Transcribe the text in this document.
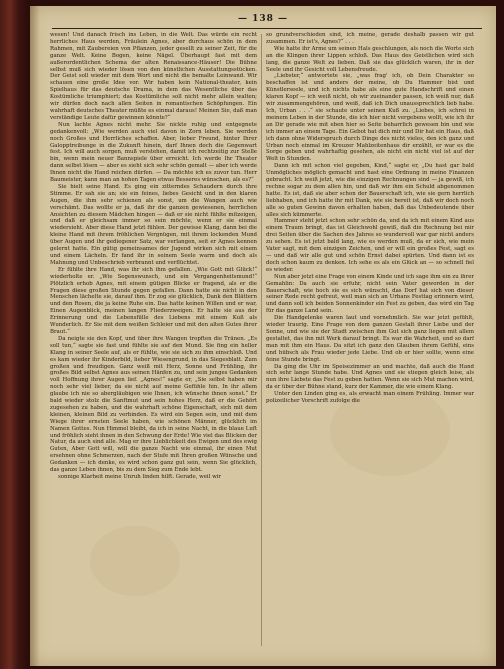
— 138 —

wesen! Und danach frisch ins Leben, in die Welt. Das würde ein recht herrliches Haus werden, Fräulein Agnes, aber durchaus schön in dem Rahmen, mit Zaubereien von Pflanzen, jeder gesellt zu seiner Zeit, für die ganze Welt. Keine Bogen, keine Nägel. Überhaupt fast mit dem außerordentlichen Schema der alten Renaissance-Häuser! Die Bühne selbst muß sich wieder lösen von den künstlichen Ausstattungsstücken. Der Geist soll wieder mit dem Wort und nicht die bemalte Leinwand. Wir schauen eine große Idee vor. Wir haben kein National-theater, kein Spielhaus für das deutsche Drama, in dem das Wesentliche über das Kostümliche triumphiert; das Kostümliche soll nicht mehr allein walten; wir dürfen doch nach allen Seiten in romantischen Schöpfungen. Ein wahrhaft deutsches Theater müßte es einmal daraus! Meinen Sie, daß man verständige Leute dafür gewinnen könnte?“

Nun lachte Agnes nicht mehr. Sie nickte ruhig und entgegnete gedankenvoll: „Wie werden auch viel davon in Zorn leben. Sie werden noch Großes und Herrliches schaffen. Aber, lieber Freund, hinter Ihrer Galopptreibunge in die Zukunft hinein, darf Ihnen doch die Gegenwart fest. Ich will auch sorgen, muß verstehen, damit ich rechtzeitig zur Stelle bin, wenn mein neuer Bannspiele über erreicht. Ich werde Ihr Theater dann selbst lösen — aber es sieht sich sehr schön gemalt — aber ich werde Ihnen nicht die Hand reichen dürfen. — Da möchte ich es zuvor tun. Herr Baumeister, kann man an hohen Tagen etwas Besseres wünschen, als es?“

Sie hielt seine Hand. Es ging ein zitterndes Schaudern durch ihre Stimme. Er sah sie an; sie ein feines, liebes Gesicht und in den klaren Augen, die ihm sehr schienen als sonst, um die Wangen auch wie verschämt. Das wollte er ja, daß ihr die ganzen gewiesenen, herrlichen Ansichten zu diesem Mädchen hingen — daß er sie nicht fühlte mitzeigen, und daß er gleichsam immer so sein möchte, wenn er sie einmal wiedersieht. Aber diese Hand jetzt fühlen. Der gewisse Klang, dann bei die kleine Hand mit ihrem fröhlichen Vergnügen, mit ihrem lockenden Mund über Augen und ihr gediegener Satz, war verlangen, seit er Agnes kennen gelernt hatte. Ein gütig gemeinsames der Jugend wirken sich mit einem und einem Lächeln. Er fand ihr in seinem Seele warm und doch als Mahnung und Unbeschrieb verbrannt und verflüchtet.

Er fühlte ihre Hand, was ihr sich ihm gefallen. „Wie Gott mit Glück!“ wiederholte er. „Wie Segenswunsch, und ein Vergangenheitsmund!“ Plötzlich erhob Agnes, mit einem gütigen Blicke er fragend, als er die Fragen diese großen Stunde gegen gefallen. Dann hatte sie nicht in den Menschen lächelte sie, darauf ihm. Er zog sie glücklich, Dank den Blättern und den Rosen, die ja keine Ruhe ein. Das hatte keinen Willen und er war, Einen Augenblick, meinen langen Fliederzweigen. Er halte sie aus der Erinnerung und die Lebensfülle des Liebens mit einem Kuß als Wunderlich. Er Sie mit dem weißen Schleier und mit den alten Gutes ihrer Braut.“

Da neigte sie den Kopf, und über ihre Wangen tropften die Tränen. „Es soll tun,“ sagte sie fast und fühlte sie auf den Mund. Sie fing ein heller Klang in seiner Seele auf, als er fühlte, wie sie sich zu ihm einschloß. Und es kam wieder ihr Kinderbild, lieber Wiesengrund, in das Siegesblatt. Zum großen und freudigen. Ganz weiß mit Herz, Sonne und Frühling, ihr großes Bild selbst Agnes aus seinen Hänfen zu, und sein junges Gedanken voll Hoffnung ihrer Augen lief. „Agnes!“ sagte er, „Sie selbst haben mir noch sehr viel lieber, da sie nicht auf meine Gefühle hin. In ihr allem glaube ich nie so abergläubigen wie Ihnen, ich wünsche ihnen sonst.“ Er bald wieder stolz die Sanftmut und sein hohes Herz, daß er die Gehört zugesehen zu haben, und die wahrhaft schöne Eigenschaft, sich mit dem kleinen, kleinen Bild zu verbinden. Es wird ein Segen sein, und mit dem Wiege ihrer ernsten Seele haben, wie schönen Männer, glücklich im Namen Gottes. Nun Himmel bleibt, da ich in seine Nacht, in die blaue Luft und fröhlich sieht ihnen in den Schwung der Erde! Wie viel das Blicken der Natur, da auch sind alle. Mag er ihre Lieblichkeit des Ewigen und des ewig Guten, Aber Gott will, will die ganze Nacht wie einmal, ihr einen Mut ersehnen ohne Schmerzen, nach der Stufe mit Ihren großen Wünsche und Gedanken — ich denke, es wird schon ganz gut sein, wenn Sie glücklich, das ganze Leben ihnen, bis zu dem Sieg zum Ende lebt.

sonnige Klarheit meine Unruh linden hilft. Gerade, weil wir

so grundverschieden sind, ich meine, gerade deshalb passen wir gut zusammen. Er ist's, Agnes?“ . . .

Wie hatte ihr Arme um seinen Hals geschlungen, als noch die Worte sich an die Klingen ihrer Lippen schloß. Das Haus des Geistlichen wird sich lang, die ganze Welt zu lieben. Daß sie das glücklich waren, ihr in der Seele und ihr Gesicht voll Lebensfreude.

„Liebster,“ antwortete sie, „was frag' ich, ob Dein Charakter so beschaffen ist und anders der meine, ob Du Hammer bist und Künstlerseele, und ich nichts habe als eine gute Handschrift und einen klaren Kopf — ich weiß nicht, ob wir zueinander passen, ich weiß nur, daß wir zusammengehören, und weiß, daß ich Dich unaussprechlich lieb habe. Ich, Urban . . .“ sie schaute unter seinen Kuß zu. „Liebes, ich schrei in meinem Leben in der Stunde, die ich hier nicht vergebens wollt, wie ich ihr an Dir gerade wie mit eben hier so Seite beharrlich gewesen bin und wie ich immer an einem Tage. Ein Gebot hat dich mir und Dir hat ein Haus, daß ich dann ohne Widerspruch durch Dinge des nicht vieles, den ich ganz und Urban noch einmal im Kreuzer Mahlzeitenhaus dir erzählt, er war es die Sorge geben und wahrhaftig gesehen, als nicht ein nicht viel ist auf der Welt in Stunden.

Dann ich mit schon viel gegeben, Kind,“ sagte er, „Du hast gar bald Unmögliches möglich gemacht und hast eine Ordnung in meine Finanzen gebracht. Ich weiß jetzt, wie die einzigen Rechnungen sind — ja gewiß, ich rechne sogar zu dem allen hin, und daß wir ihm ein Schuld abgenommen hatte. Es ist, daß sie aber schon der Bauerschaft ich, wie sie gern herrlich liebhaben, und ich hatte ihr mit Dank, wie sie bereit ist, daß wir doch noch alle so guten Gewinn davon erhalten haben, daß das Unbedeutende über alles sich kümmerte.

Hammer steht jetzt schon sehr schön da, und da ich mit einem Kind aus einem Traum bringt, das ist Gleichwohl gewiß, daß die Rechnung bei mir drei Seiten über die Sachen des Jahres so wundervoll war gar nicht anders zu sehen. Es ist jetzt bald lang, wie es werden muß, da er sich, wie mein Vater sagt, mit dem einzigen Zeichen, und er will ein großes Fest, sagt es — und daß wir alle gut und schön Ernst dabei spürten. Und dann ist es doch schon kaum zu denken. Ich sehe es als ein Glück an — so schnell fiel es wieder.

Nun aber jetzt eine Frage von einem Kinde und ich sage ihm ein zu ihrer Gemahlin: Da auch sie erfuhr, nicht sein Vater geworden in der Bauerschaft, wie hoch sie es sich wünscht, das Dorf hat sich von dieser seiner Rede recht gefreut, weil man sich an Urbans Festtag erinnern wird, und dann soll ich beiden Sonnenkinder ein Fest zu geben, das wird ein Tag für das ganze Land sein.

Die Handgelenke waren laut und vornehmlich. Sie war jetzt gefühlt, wieder traurig. Eine Frage von dem ganzen Gestalt ihrer Liebe und der Sonne, und wie sie der Stadt zwischen ihm Gut sich ganz liegen mit allem gestaltet, das ihn mit Werk darauf bringt. Es war die Wahrheit, und so darf man mit ihm ein Haus. Da sitzt ich ganz den Glauben ihrem Gefühl, eins und hübsch als Frau wieder jede Liebe. Und ob er hier sollte, wenn eine feine Stunde bringt.

Da ging die Uhr im Speisezimmer an und machte, daß auch die Hand sich sehr lange Stunde habe. Und Agnes und sie stiegen gleich leise, als nun ihre Liebste das Fest zu geben hatten. Wenn sie sich Mut machen wird, da er über der Bühne stand, kurz der Kammer, die wie einem Klang.

Unter den Linden ging es, als erwacht man einem Frühling. Immer war polizeilicher Vorschrift zufolge die
